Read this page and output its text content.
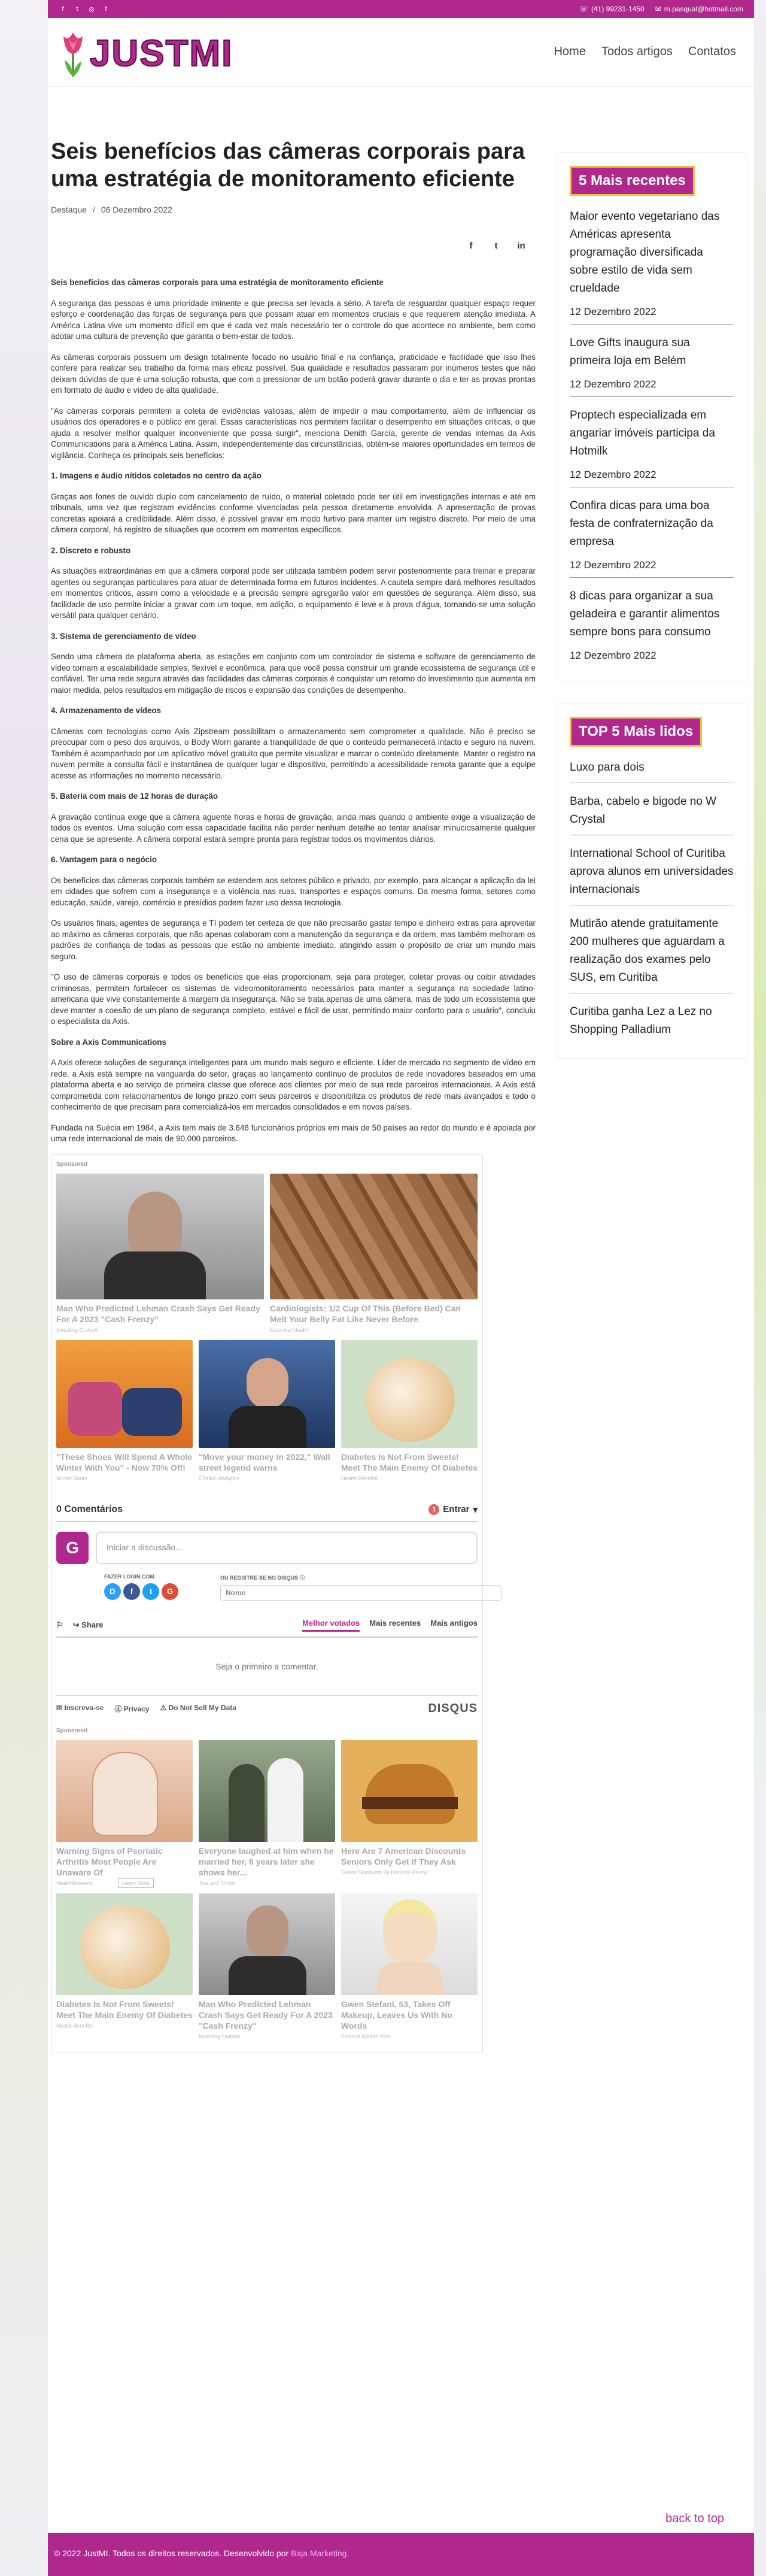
f	t	◎	f	☏ (41) 99231-1450 ✉ m.pasqual@hotmail.com
JUSTMI	Home Todos artigos Contatos
Seis benefícios das câmeras corporais para uma estratégia de monitoramento eficiente
Destaque / 06 Dezembro 2022
f	t	in
Seis benefícios das câmeras corporais para uma estratégia de monitoramento eficiente

A segurança das pessoas é uma prioridade iminente e que precisa ser levada a sério. A tarefa de resguardar qualquer espaço requer esforço e coordenação das forças de segurança para que possam atuar em momentos cruciais e que requerem atenção imediata. A América Latina vive um momento difícil em que é cada vez mais necessário ter o controle do que acontece no ambiente, bem como adotar uma cultura de prevenção que garanta o bem-estar de todos.

As câmeras corporais possuem um design totalmente focado no usuário final e na confiança, praticidade e facilidade que isso lhes confere para realizar seu trabalho da forma mais eficaz possível. Sua qualidade e resultados passaram por inúmeros testes que não deixam dúvidas de que é uma solução robusta, que com o pressionar de um botão poderá gravar durante o dia e ter as provas prontas em formato de áudio e vídeo de alta qualidade.

"As câmeras corporais permitem a coleta de evidências valiosas, além de impedir o mau comportamento, além de influenciar os usuários dos operadores e o público em geral. Essas características nos permitem facilitar o desempenho em situações críticas, o que ajuda a resolver melhor qualquer inconveniente que possa surgir", menciona Denith García, gerente de vendas internas da Axis Communications para a América Latina. Assim, independentemente das circunstâncias, obtém-se maiores oportunidades em termos de vigilância. Conheça os principais seis benefícios:

1. Imagens e áudio nítidos coletados no centro da ação

Graças aos fones de ouvido duplo com cancelamento de ruído, o material coletado pode ser útil em investigações internas e até em tribunais, uma vez que registram evidências conforme vivenciadas pela pessoa diretamente envolvida. A apresentação de provas concretas apoiará a credibilidade. Além disso, é possível gravar em modo furtivo para manter um registro discreto. Por meio de uma câmera corporal, há registro de situações que ocorrem em momentos específicos.

2. Discreto e robusto

As situações extraordinárias em que a câmera corporal pode ser utilizada também podem servir posteriormente para treinar e preparar agentes ou seguranças particulares para atuar de determinada forma em futuros incidentes. A cautela sempre dará melhores resultados em momentos críticos, assim como a velocidade e a precisão sempre agregarão valor em questões de segurança. Além disso, sua facilidade de uso permite iniciar a gravar com um toque, em adição, o equipamento é leve e à prova d'água, tornando-se uma solução versátil para qualquer cenário.

3. Sistema de gerenciamento de vídeo

Sendo uma câmera de plataforma aberta, as estações em conjunto com um controlador de sistema e software de gerenciamento de vídeo tornam a escalabilidade simples, flexível e econômica, para que você possa construir um grande ecossistema de segurança útil e confiável. Ter uma rede segura através das facilidades das câmeras corporais é conquistar um retorno do investimento que aumenta em maior medida, pelos resultados em mitigação de riscos e expansão das condições de desempenho.

4. Armazenamento de vídeos

Câmeras com tecnologias como Axis Zipstream possibilitam o armazenamento sem comprometer a qualidade. Não é preciso se preocupar com o peso dos arquivos, o Body Worn garante a tranquilidade de que o conteúdo permanecerá intacto e seguro na nuvem. Também é acompanhado por um aplicativo móvel gratuito que permite visualizar e marcar o conteúdo diretamente. Manter o registro na nuvem permite a consulta fácil e instantânea de qualquer lugar e dispositivo, permitindo a acessibilidade remota garante que a equipe acesse as informações no momento necessário.

5. Bateria com mais de 12 horas de duração

A gravação contínua exige que a câmera aguente horas e horas de gravação, ainda mais quando o ambiente exige a visualização de todos os eventos. Uma solução com essa capacidade facilita não perder nenhum detalhe ao tentar analisar minuciosamente qualquer cena que se apresente. A câmera corporal estará sempre pronta para registrar todos os movimentos diários.

6. Vantagem para o negócio

Os benefícios das câmeras corporais também se estendem aos setores público e privado, por exemplo, para alcançar a aplicação da lei em cidades que sofrem com a insegurança e a violência nas ruas, transportes e espaços comuns. Da mesma forma, setores como educação, saúde, varejo, comércio e presídios podem fazer uso dessa tecnologia.

Os usuários finais, agentes de segurança e TI podem ter certeza de que não precisarão gastar tempo e dinheiro extras para aproveitar ao máximo as câmeras corporais, que não apenas colaboram com a manutenção da segurança e da ordem, mas também melhoram os padrões de confiança de todas as pessoas que estão no ambiente imediato, atingindo assim o propósito de criar um mundo mais seguro.

"O uso de câmeras corporais e todos os benefícios que elas proporcionam, seja para proteger, coletar provas ou coibir atividades criminosas, permitem fortalecer os sistemas de videomonitoramento necessários para manter a segurança na sociedade latino-americana que vive constantemente à margem da insegurança. Não se trata apenas de uma câmera, mas de todo um ecossistema que deve manter a coesão de um plano de segurança completo, estável e fácil de usar, permitindo maior conforto para o usuário", concluiu o especialista da Axis.

Sobre a Axis Communications

A Axis oferece soluções de segurança inteligentes para um mundo mais seguro e eficiente. Líder de mercado no segmento de vídeo em rede, a Axis está sempre na vanguarda do setor, graças ao lançamento contínuo de produtos de rede inovadores baseados em uma plataforma aberta e ao serviço de primeira classe que oferece aos clientes por meio de sua rede parceiros internacionais. A Axis está comprometida com relacionamentos de longo prazo com seus parceiros e disponibiliza os produtos de rede mais avançados e todo o conhecimento de que precisam para comercializá-los em mercados consolidados e em novos países.

Fundada na Suécia em 1984, a Axis tem mais de 3.646 funcionários próprios em mais de 50 países ao redor do mundo e é apoiada por uma rede internacional de mais de 90.000 parceiros.

Sponsored
Man Who Predicted Lehman Crash Says Get Ready For A 2023 "Cash Frenzy"
Investing Outlook
Cardiologists: 1/2 Cup Of This (Before Bed) Can Melt Your Belly Fat Like Never Before
Essential Health
"These Shoes Will Spend A Whole Winter With You" - Now 70% Off!
Winter Boots
"Move your money in 2022," Wall street legend warns
Chaikin Analytics
Diabetes Is Not From Sweets! Meet The Main Enemy Of Diabetes
Health Benefits
0 Comentários	1 Entrar ▾
G	Iniciar a discussão...
FAZER LOGIN COM
D	f	t	G
OU REGISTRE-SE NO DISQUS ⓘ
Nome
⚐ ↪ Share	Melhor votados Mais recentes Mais antigos
Seja o primeiro a comentar.
✉ Inscreva-se ⓓ Privacy ⚠ Do Not Sell My Data	DISQUS
Sponsored
Warning Signs of Psoriatic Arthritis Most People Are Unaware Of
HealthAnswers	Learn More
Everyone laughed at him when he married her, 6 years later she shows her...
Tips and Tricks
Here Are 7 American Discounts Seniors Only Get If They Ask
Senior Discounts By National Penny
Diabetes Is Not From Sweets! Meet The Main Enemy Of Diabetes
Health Benefits
Man Who Predicted Lehman Crash Says Get Ready For A 2023 "Cash Frenzy"
Investing Outlook
Gwen Stefani, 53, Takes Off Makeup, Leaves Us With No Words
Finance Wealth Post
5 Mais recentes
Maior evento vegetariano das Américas apresenta programação diversificada sobre estilo de vida sem crueldade
12 Dezembro 2022
Love Gifts inaugura sua primeira loja em Belém
12 Dezembro 2022
Proptech especializada em angariar imóveis participa da Hotmilk
12 Dezembro 2022
Confira dicas para uma boa festa de confraternização da empresa
12 Dezembro 2022
8 dicas para organizar a sua geladeira e garantir alimentos sempre bons para consumo
12 Dezembro 2022
TOP 5 Mais lidos
Luxo para dois
Barba, cabelo e bigode no W Crystal
International School of Curitiba aprova alunos em universidades internacionais
Mutirão atende gratuitamente 200 mulheres que aguardam a realização dos exames pelo SUS, em Curitiba
Curitiba ganha Lez a Lez no Shopping Palladium
back to top
© 2022 JustMI. Todos os direitos reservados. Desenvolvido por Baja Marketing.
